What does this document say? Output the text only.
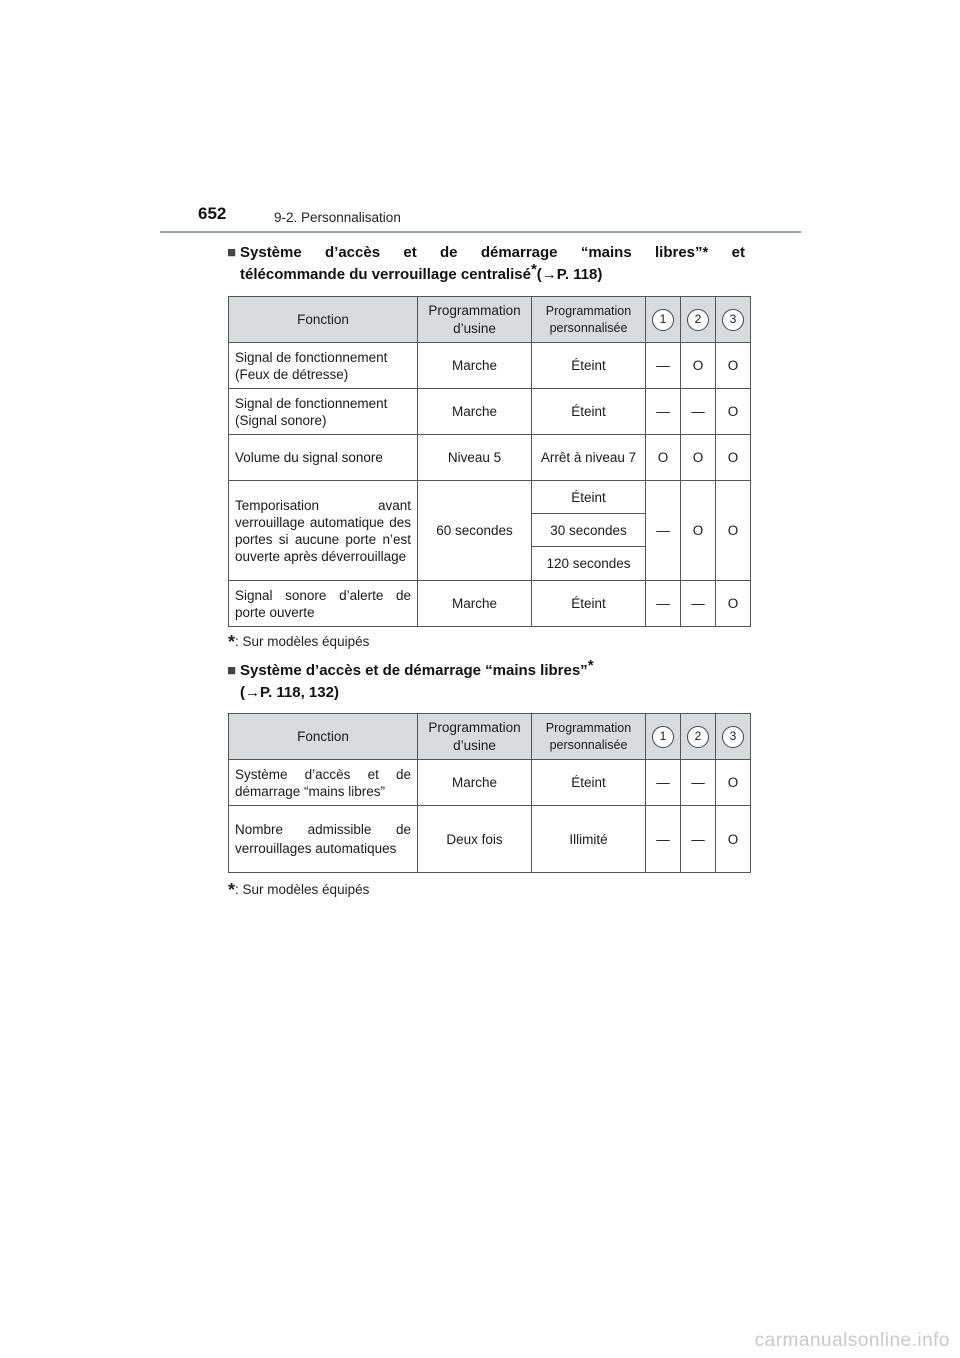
652	9-2. Personnalisation
■ Système d’accès et de démarrage “mains libres”* et
télécommande du verrouillage centralisé*(→P. 118)
Fonction	Programmation d’usine	Programmation personnalisée	1	2	3
Signal de fonctionnement (Feux de détresse)	Marche	Éteint	—	O	O
Signal de fonctionnement (Signal sonore)	Marche	Éteint	—	—	O
Volume du signal sonore	Niveau 5	Arrêt à niveau 7	O	O	O
Temporisation avant verrouillage automatique des portes si aucune porte n’est ouverte après déverrouillage	60 secondes	Éteint	—	O	O
		30 secondes			
		120 secondes			
Signal sonore d’alerte de porte ouverte	Marche	Éteint	—	—	O
*: Sur modèles équipés
■ Système d’accès et de démarrage “mains libres”*
(→P. 118, 132)
Fonction	Programmation d’usine	Programmation personnalisée	1	2	3
Système d’accès et de démarrage “mains libres”	Marche	Éteint	—	—	O
Nombre admissible de verrouillages automatiques	Deux fois	Illimité	—	—	O
*: Sur modèles équipés
carmanualsonline.info
